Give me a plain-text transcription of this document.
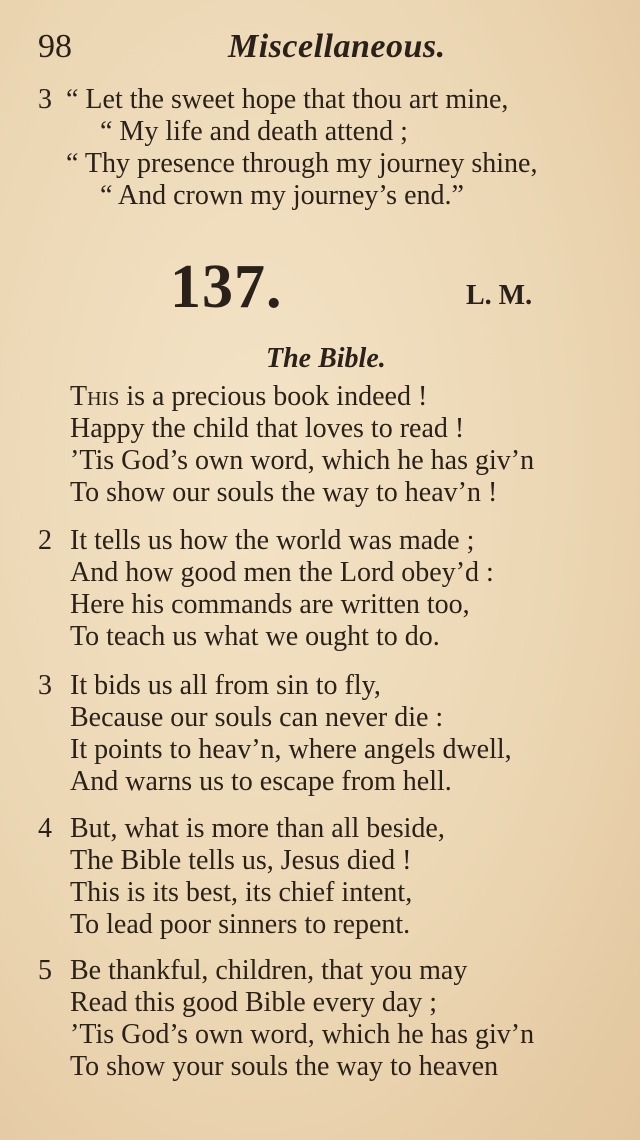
98	Miscellaneous.
3 “ Let the sweet hope that thou art mine,
“ My life and death attend ;
“ Thy presence through my journey shine,
“ And crown my journey’s end.”
137.	L. M.
The Bible.
This is a precious book indeed !
Happy the child that loves to read !
’Tis God’s own word, which he has giv’n
To show our souls the way to heav’n !
2 It tells us how the world was made ;
And how good men the Lord obey’d :
Here his commands are written too,
To teach us what we ought to do.
3 It bids us all from sin to fly,
Because our souls can never die :
It points to heav’n, where angels dwell,
And warns us to escape from hell.
4 But, what is more than all beside,
The Bible tells us, Jesus died !
This is its best, its chief intent,
To lead poor sinners to repent.
5 Be thankful, children, that you may
Read this good Bible every day ;
’Tis God’s own word, which he has giv’n
To show your souls the way to heaven
